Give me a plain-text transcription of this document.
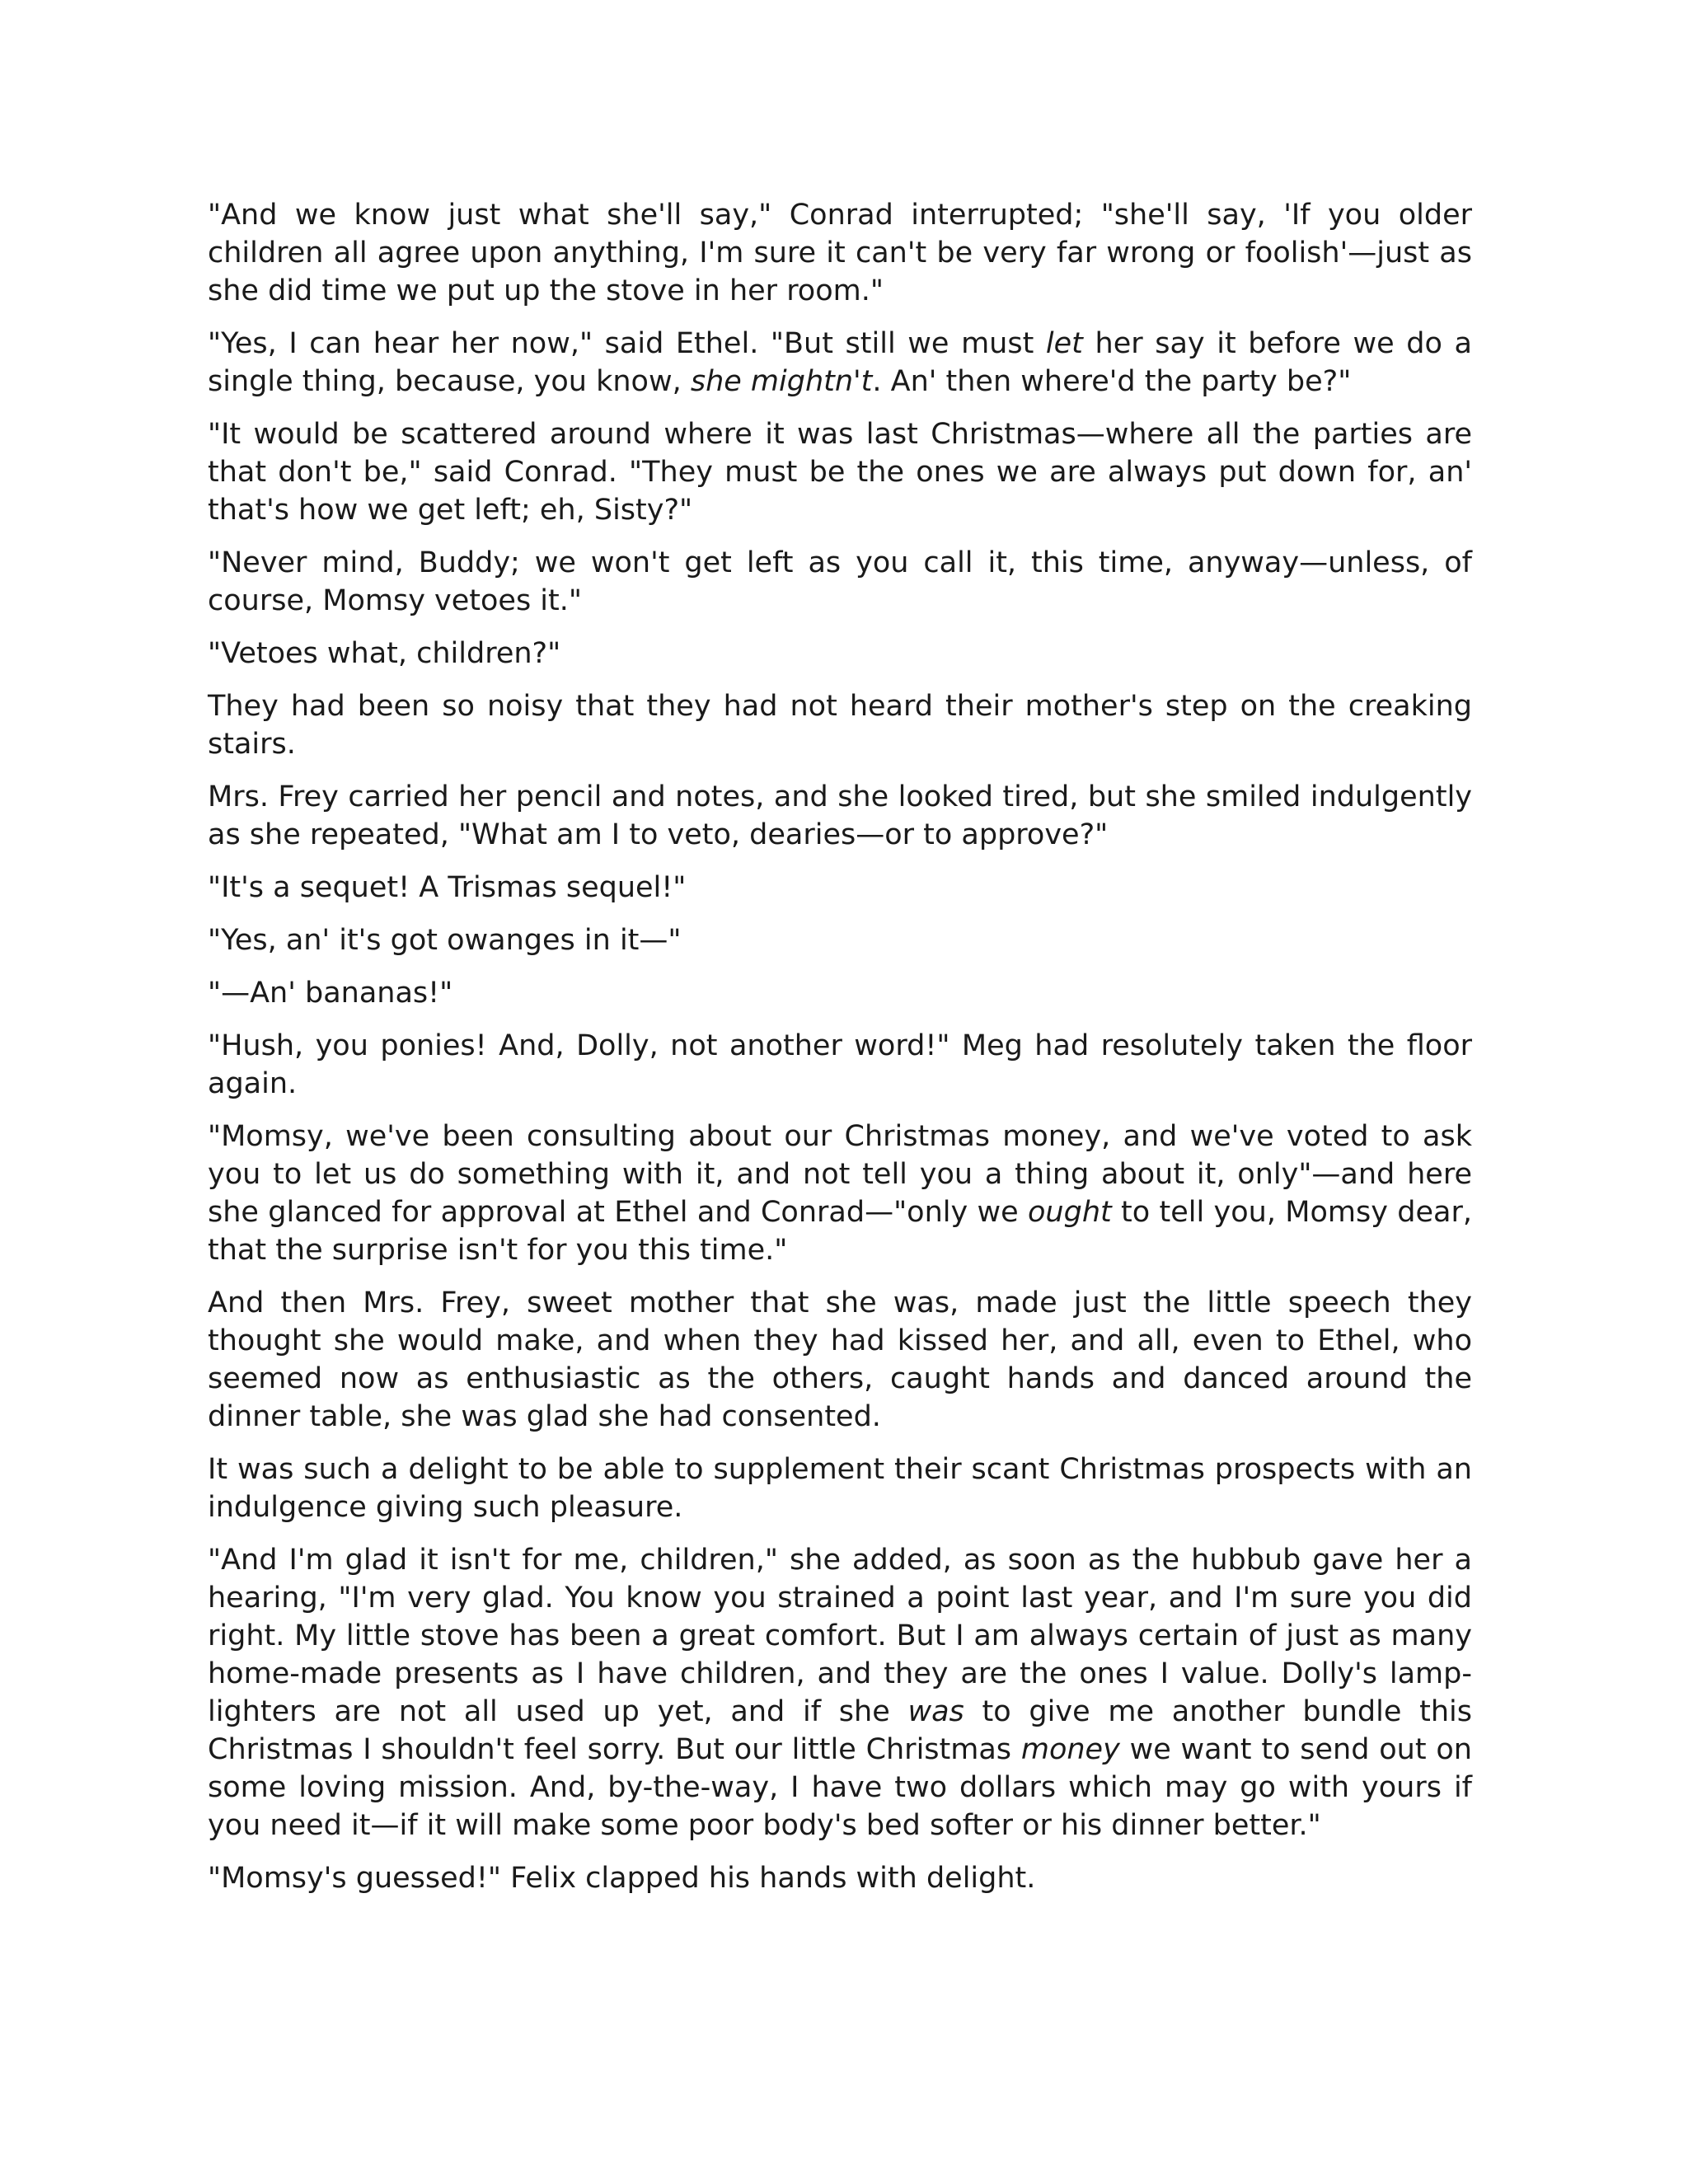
"And we know just what she'll say," Conrad interrupted; "she'll say, 'If you older children all agree upon anything, I'm sure it can't be very far wrong or foolish'—just as she did time we put up the stove in her room."

"Yes, I can hear her now," said Ethel. "But still we must let her say it before we do a single thing, because, you know, she mightn't. An' then where'd the party be?"

"It would be scattered around where it was last Christmas—where all the parties are that don't be," said Conrad. "They must be the ones we are always put down for, an' that's how we get left; eh, Sisty?"

"Never mind, Buddy; we won't get left as you call it, this time, anyway—unless, of course, Momsy vetoes it."

"Vetoes what, children?"

They had been so noisy that they had not heard their mother's step on the creaking stairs.

Mrs. Frey carried her pencil and notes, and she looked tired, but she smiled indulgently as she repeated, "What am I to veto, dearies—or to approve?"

"It's a sequet! A Trismas sequel!"

"Yes, an' it's got owanges in it—"

"—An' bananas!"

"Hush, you ponies! And, Dolly, not another word!" Meg had resolutely taken the floor again.

"Momsy, we've been consulting about our Christmas money, and we've voted to ask you to let us do something with it, and not tell you a thing about it, only"—and here she glanced for approval at Ethel and Conrad—"only we ought to tell you, Momsy dear, that the surprise isn't for you this time."

And then Mrs. Frey, sweet mother that she was, made just the little speech they thought she would make, and when they had kissed her, and all, even to Ethel, who seemed now as enthusiastic as the others, caught hands and danced around the dinner table, she was glad she had consented.

It was such a delight to be able to supplement their scant Christmas prospects with an indulgence giving such pleasure.

"And I'm glad it isn't for me, children," she added, as soon as the hubbub gave her a hearing, "I'm very glad. You know you strained a point last year, and I'm sure you did right. My little stove has been a great comfort. But I am always certain of just as many home-made presents as I have children, and they are the ones I value. Dolly's lamp-lighters are not all used up yet, and if she was to give me another bundle this Christmas I shouldn't feel sorry. But our little Christmas money we want to send out on some loving mission. And, by-the-way, I have two dollars which may go with yours if you need it—if it will make some poor body's bed softer or his dinner better."

"Momsy's guessed!" Felix clapped his hands with delight.
